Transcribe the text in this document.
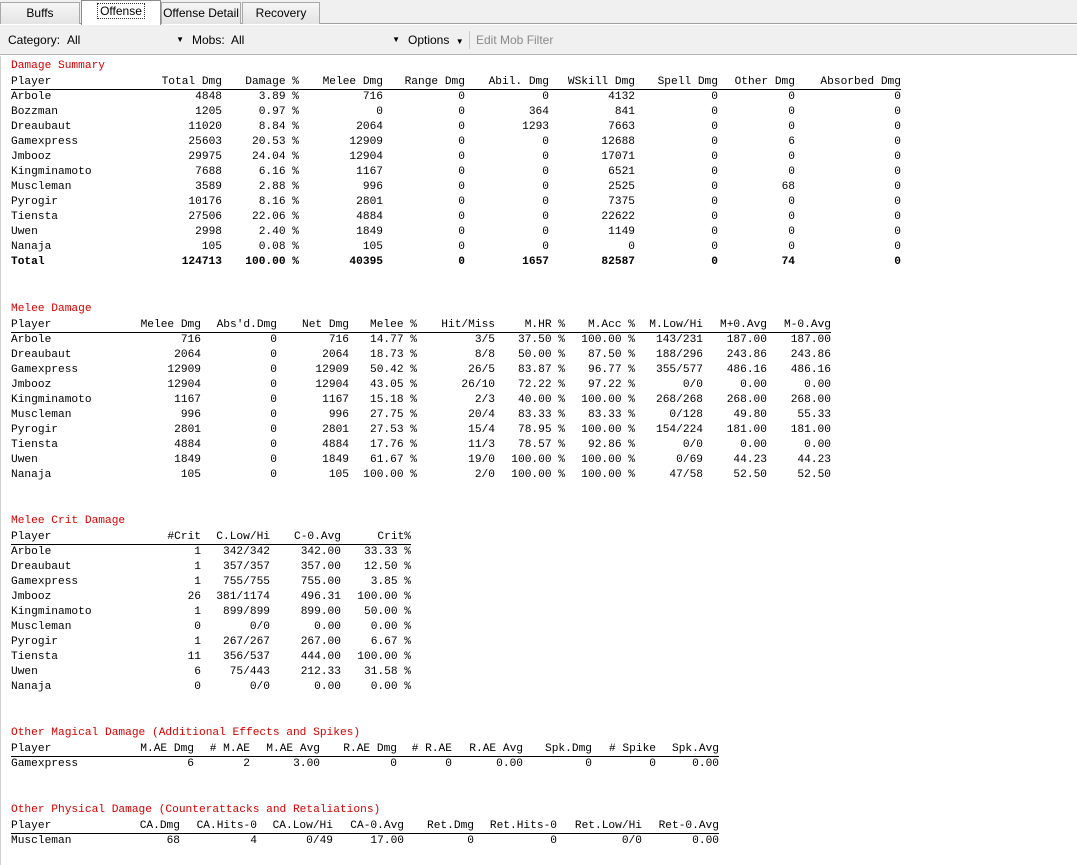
Buffs	Offense	Offense Detail	Recovery
Category: All	▼ Mobs: All	▼ Options ▼ Edit Mob Filter
Damage Summary
Player	Total Dmg Damage % Melee Dmg Range Dmg Abil. Dmg WSkill Dmg Spell Dmg Other Dmg Absorbed Dmg
Arbole	4848	3.89 %	716	0	0	4132	0	0	0
Bozzman	1205	0.97 %	0	0	364	841	0	0	0
Dreaubaut	11020	8.84 %	2064	0	1293	7663	0	0	0
Gamexpress	25603	20.53 %	12909	0	0	12688	0	6	0
Jmbooz	29975	24.04 %	12904	0	0	17071	0	0	0
Kingminamoto	7688	6.16 %	1167	0	0	6521	0	0	0
Muscleman	3589	2.88 %	996	0	0	2525	0	68	0
Pyrogir	10176	8.16 %	2801	0	0	7375	0	0	0
Tiensta	27506	22.06 %	4884	0	0	22622	0	0	0
Uwen	2998	2.40 %	1849	0	0	1149	0	0	0
Nanaja	105	0.08 %	105	0	0	0	0	0	0
Total	124713 100.00 %	40395	0	1657	82587	0	74	0
Melee Damage
Player	Melee Dmg Abs'd.Dmg Net Dmg Melee % Hit/Miss	M.HR % M.Acc % M.Low/Hi M+0.Avg M-0.Avg
Arbole	716	0	716 14.77 %	3/5 37.50 % 100.00 % 143/231 187.00 187.00
Dreaubaut	2064	0	2064 18.73 %	8/8 50.00 % 87.50 % 188/296 243.86 243.86
Gamexpress	12909	0	12909 50.42 %	26/5 83.87 % 96.77 % 355/577 486.16 486.16
Jmbooz	12904	0	12904 43.05 %	26/10 72.22 % 97.22 %	0/0	0.00	0.00
Kingminamoto	1167	0	1167 15.18 %	2/3 40.00 % 100.00 % 268/268 268.00 268.00
Muscleman	996	0	996 27.75 %	20/4 83.33 % 83.33 %	0/128	49.80	55.33
Pyrogir	2801	0	2801 27.53 %	15/4 78.95 % 100.00 % 154/224 181.00 181.00
Tiensta	4884	0	4884 17.76 %	11/3 78.57 % 92.86 %	0/0	0.00	0.00
Uwen	1849	0	1849 61.67 %	19/0 100.00 % 100.00 %	0/69	44.23	44.23
Nanaja	105	0	105 100.00 %	2/0 100.00 % 100.00 %	47/58	52.50	52.50
Melee Crit Damage
Player	#Crit C.Low/Hi C-0.Avg	Crit%
Arbole	1 342/342	342.00 33.33 %
Dreaubaut	1 357/357	357.00 12.50 %
Gamexpress	1 755/755	755.00	3.85 %
Jmbooz	26 381/1174	496.31 100.00 %
Kingminamoto	1 899/899	899.00 50.00 %
Muscleman	0	0/0	0.00	0.00 %
Pyrogir	1 267/267	267.00	6.67 %
Tiensta	11 356/537	444.00 100.00 %
Uwen	6	75/443	212.33 31.58 %
Nanaja	0	0/0	0.00	0.00 %
Other Magical Damage (Additional Effects and Spikes)
Player	M.AE Dmg # M.AE M.AE Avg R.AE Dmg # R.AE R.AE Avg Spk.Dmg # Spike Spk.Avg
Gamexpress	6	2	3.00	0	0	0.00	0	0	0.00
Other Physical Damage (Counterattacks and Retaliations)
Player	CA.Dmg CA.Hits-0 CA.Low/Hi CA-0.Avg Ret.Dmg Ret.Hits-0 Ret.Low/Hi Ret-0.Avg
Muscleman	68	4	0/49	17.00	0	0	0/0	0.00
